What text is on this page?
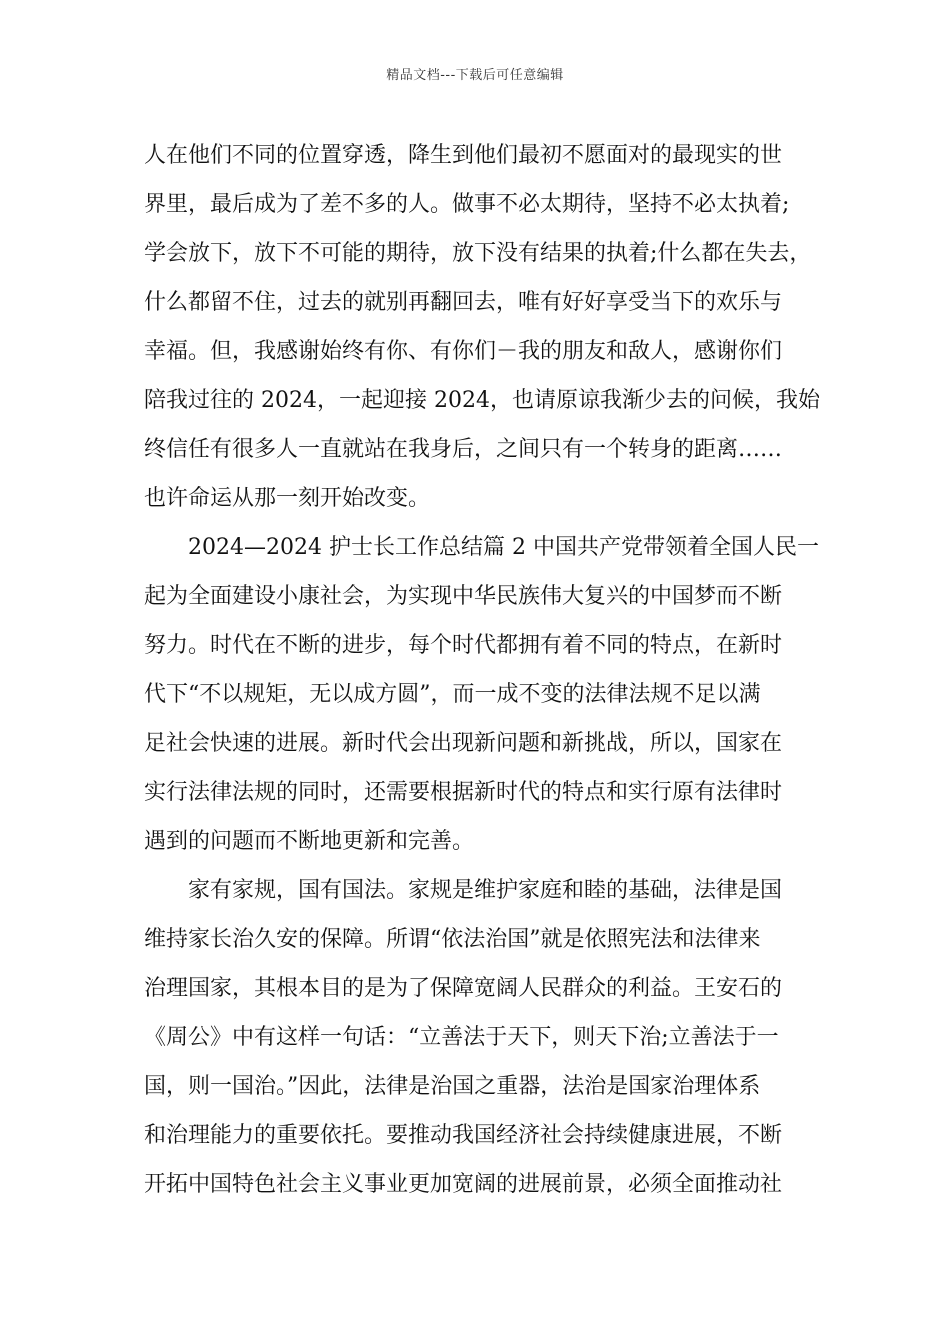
精品文档---下载后可任意编辑
人在他们不同的位置穿透，降生到他们最初不愿面对的最现实的世
界里，最后成为了差不多的人。做事不必太期待，坚持不必太执着;
学会放下，放下不可能的期待，放下没有结果的执着;什么都在失去，
什么都留不住，过去的就别再翻回去，唯有好好享受当下的欢乐与
幸福。但，我感谢始终有你、有你们－我的朋友和敌人，感谢你们
陪我过往的 2024，一起迎接 2024，也请原谅我渐少去的问候，我始
终信任有很多人一直就站在我身后，之间只有一个转身的距离……
也许命运从那一刻开始改变。
2024—2024 护士长工作总结篇 2 中国共产党带领着全国人民一
起为全面建设小康社会，为实现中华民族伟大复兴的中国梦而不断
努力。时代在不断的进步，每个时代都拥有着不同的特点，在新时
代下“不以规矩，无以成方圆”，而一成不变的法律法规不足以满
足社会快速的进展。新时代会出现新问题和新挑战，所以，国家在
实行法律法规的同时，还需要根据新时代的特点和实行原有法律时
遇到的问题而不断地更新和完善。
家有家规，国有国法。家规是维护家庭和睦的基础，法律是国
维持家长治久安的保障。所谓“依法治国”就是依照宪法和法律来
治理国家，其根本目的是为了保障宽阔人民群众的利益。王安石的
《周公》中有这样一句话：“立善法于天下，则天下治;立善法于一
国，则一国治。”因此，法律是治国之重器，法治是国家治理体系
和治理能力的重要依托。要推动我国经济社会持续健康进展，不断
开拓中国特色社会主义事业更加宽阔的进展前景，必须全面推动社
